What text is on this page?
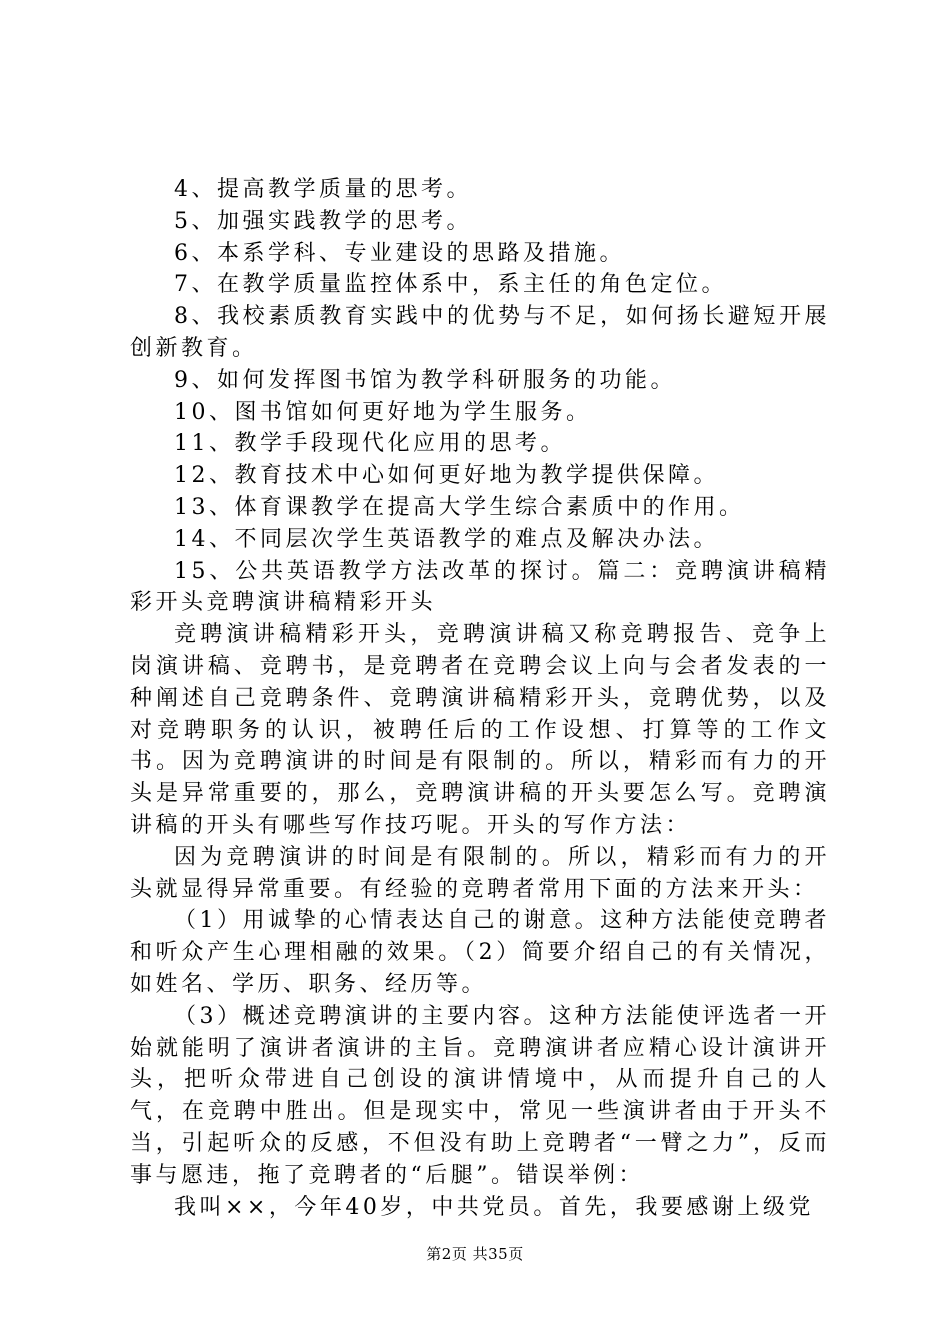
4、提高教学质量的思考。

5、加强实践教学的思考。

6、本系学科、专业建设的思路及措施。

7、在教学质量监控体系中，系主任的角色定位。

8、我校素质教育实践中的优势与不足，如何扬长避短开展创新教育。

9、如何发挥图书馆为教学科研服务的功能。

10、图书馆如何更好地为学生服务。

11、教学手段现代化应用的思考。

12、教育技术中心如何更好地为教学提供保障。

13、体育课教学在提高大学生综合素质中的作用。

14、不同层次学生英语教学的难点及解决办法。

15、公共英语教学方法改革的探讨。篇二：竞聘演讲稿精彩开头竞聘演讲稿精彩开头

竞聘演讲稿精彩开头，竞聘演讲稿又称竞聘报告、竞争上岗演讲稿、竞聘书，是竞聘者在竞聘会议上向与会者发表的一种阐述自己竞聘条件、竞聘演讲稿精彩开头，竞聘优势，以及对竞聘职务的认识，被聘任后的工作设想、打算等的工作文书。因为竞聘演讲的时间是有限制的。所以，精彩而有力的开头是异常重要的，那么，竞聘演讲稿的开头要怎么写。竞聘演讲稿的开头有哪些写作技巧呢。开头的写作方法：

因为竞聘演讲的时间是有限制的。所以，精彩而有力的开头就显得异常重要。有经验的竞聘者常用下面的方法来开头：

（1）用诚挚的心情表达自己的谢意。这种方法能使竞聘者和听众产生心理相融的效果。（2）简要介绍自己的有关情况，如姓名、学历、职务、经历等。

（3）概述竞聘演讲的主要内容。这种方法能使评选者一开始就能明了演讲者演讲的主旨。竞聘演讲者应精心设计演讲开头，把听众带进自己创设的演讲情境中，从而提升自己的人气，在竞聘中胜出。但是现实中，常见一些演讲者由于开头不当，引起听众的反感，不但没有助上竞聘者“一臂之力”，反而事与愿违，拖了竞聘者的“后腿”。错误举例：

我叫××，今年40岁，中共党员。首先，我要感谢上级党

第2页 共35页
